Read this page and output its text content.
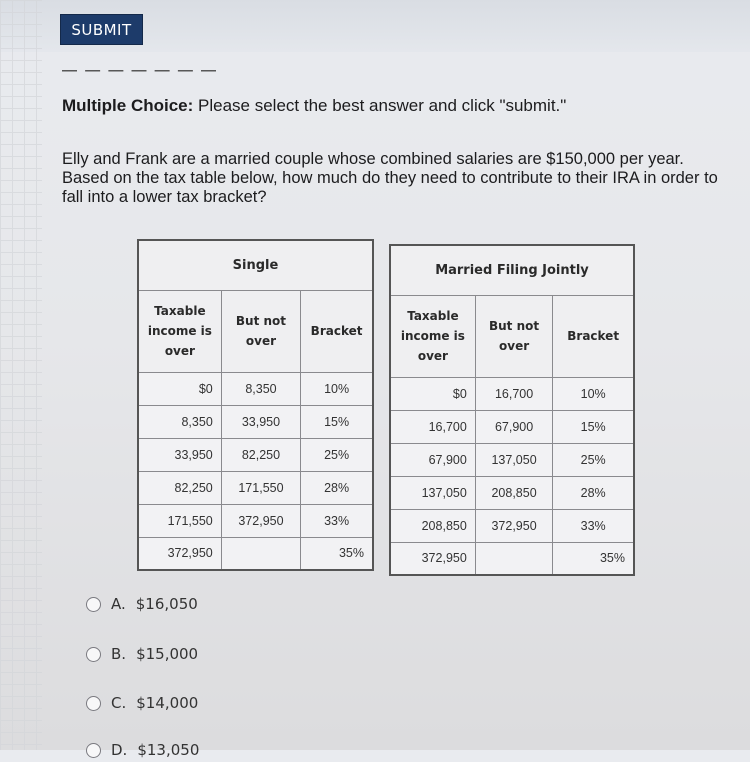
SUBMIT
— — — — — — —
Multiple Choice: Please select the best answer and click "submit."
Elly and Frank are a married couple whose combined salaries are $150,000 per year. Based on the tax table below, how much do they need to contribute to their IRA in order to fall into a lower tax bracket?
Single		
Taxable income is over	But not over	Bracket
$0	8,350	10%
8,350	33,950	15%
33,950	82,250	25%
82,250	171,550	28%
171,550	372,950	33%
372,950		35%
Married Filing Jointly		
Taxable income is over	But not over	Bracket
$0	16,700	10%
16,700	67,900	15%
67,900	137,050	25%
137,050	208,850	28%
208,850	372,950	33%
372,950		35%
A. $16,050
B. $15,000
C. $14,000
D. $13,050
